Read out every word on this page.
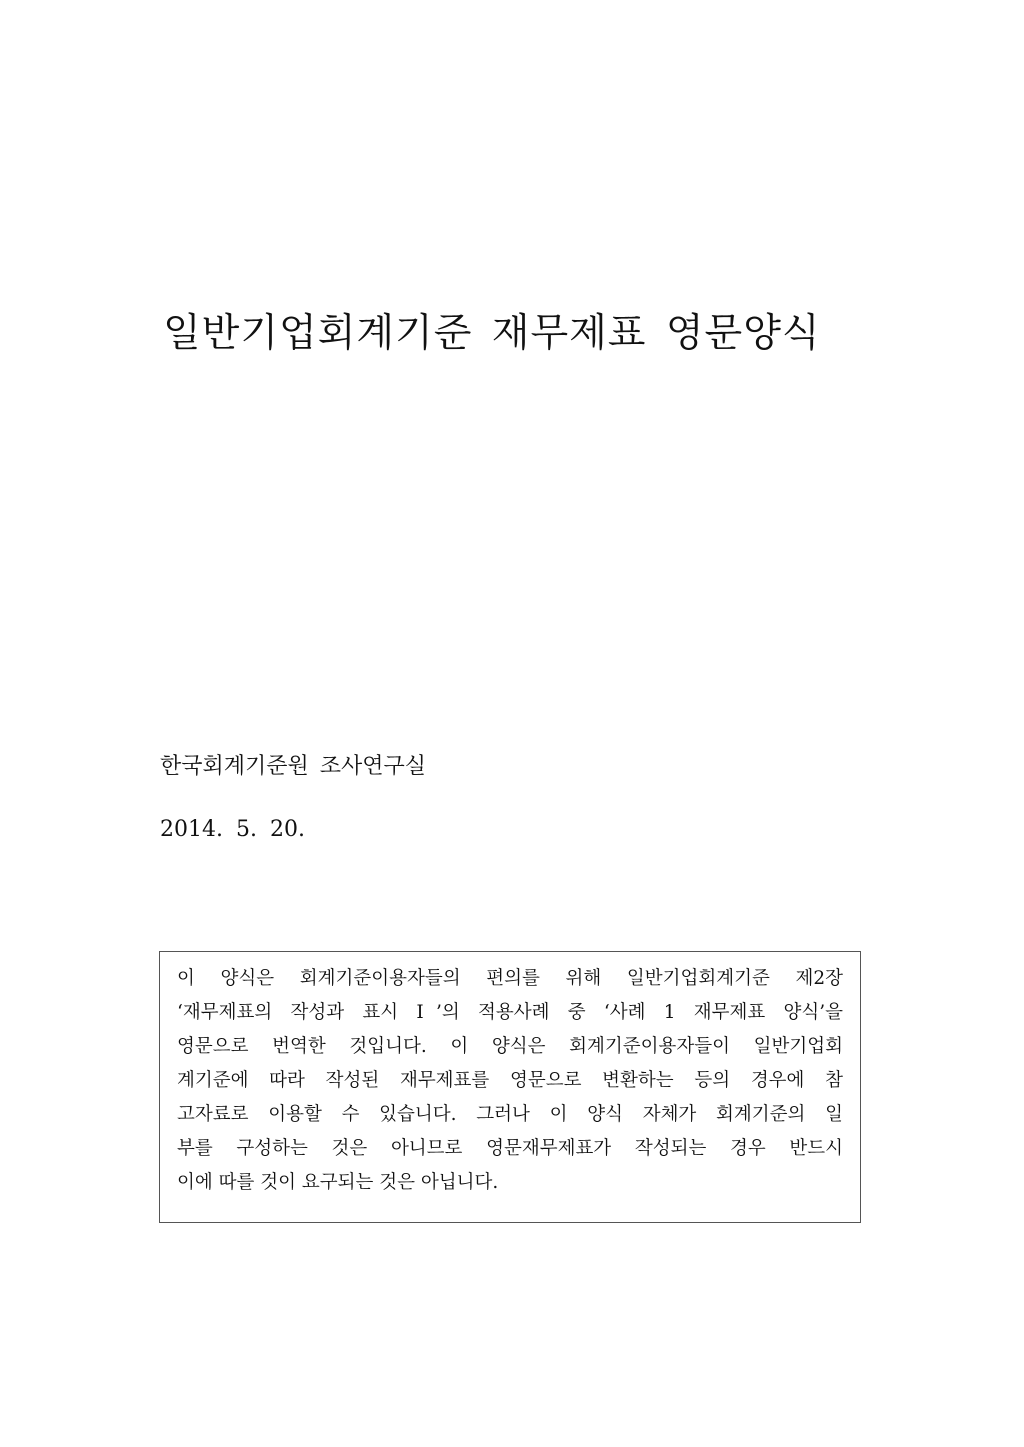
일반기업회계기준 재무제표 영문양식
한국회계기준원 조사연구실
2014. 5. 20.
이 양식은 회계기준이용자들의 편의를 위해 일반기업회계기준 제2장
‘재무제표의 작성과 표시 Ⅰ’의 적용사례 중 ‘사례 1 재무제표 양식’을
영문으로 번역한 것입니다. 이 양식은 회계기준이용자들이 일반기업회
계기준에 따라 작성된 재무제표를 영문으로 변환하는 등의 경우에 참
고자료로 이용할 수 있습니다. 그러나 이 양식 자체가 회계기준의 일
부를 구성하는 것은 아니므로 영문재무제표가 작성되는 경우 반드시
이에 따를 것이 요구되는 것은 아닙니다.
